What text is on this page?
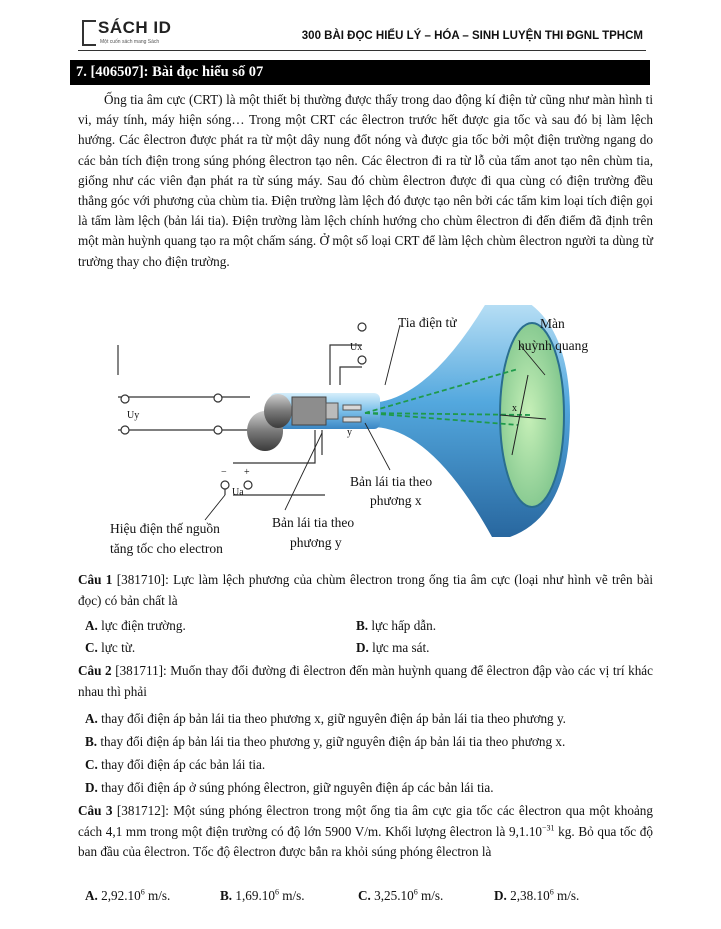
SÁCH ID
Một cuốn sách mang Sách	300 BÀI ĐỌC HIỂU LÝ – HÓA – SINH LUYỆN THI ĐGNL TPHCM
7. [406507]: Bài đọc hiểu số 07

Ống tia âm cực (CRT) là một thiết bị thường được thấy trong dao động kí điện tử cũng như màn hình ti vi, máy tính, máy hiện sóng… Trong một CRT các êlectron trước hết được gia tốc và sau đó bị làm lệch hướng. Các êlectron được phát ra từ một dây nung đốt nóng và được gia tốc bởi một điện trường ngang do các bản tích điện trong súng phóng êlectron tạo nên. Các êlectron đi ra từ lỗ của tấm anot tạo nên chùm tia, giống như các viên đạn phát ra từ súng máy. Sau đó chùm êlectron được đi qua cùng có điện trường đều thẳng góc với phương của chùm tia. Điện trường làm lệch đó được tạo nên bởi các tấm kim loại tích điện gọi là tấm làm lệch (bản lái tia). Điện trường làm lệch chính hướng cho chùm êlectron đi đến điểm đã định trên một màn huỳnh quang tạo ra một chấm sáng. Ở một số loại CRT để làm lệch chùm êlectron người ta dùng từ trường thay cho điện trường.

Tia điện tử	Màn
huỳnh quang
Ux
Uy
Ua
− +
x
y
Bản lái tia theo
phương x
Bản lái tia theo
phương y
Hiệu điện thế nguồn
tăng tốc cho electron

Câu 1 [381710]: Lực làm lệch phương của chùm êlectron trong ống tia âm cực (loại như hình vẽ trên bài đọc) có bản chất là

A. lực điện trường.	B. lực hấp dẫn.
C. lực từ.	D. lực ma sát.

Câu 2 [381711]: Muốn thay đổi đường đi êlectron đến màn huỳnh quang để êlectron đập vào các vị trí khác nhau thì phải

A. thay đổi điện áp bản lái tia theo phương x, giữ nguyên điện áp bản lái tia theo phương y.
B. thay đổi điện áp bản lái tia theo phương y, giữ nguyên điện áp bản lái tia theo phương x.
C. thay đổi điện áp các bản lái tia.
D. thay đổi điện áp ở súng phóng êlectron, giữ nguyên điện áp các bản lái tia.

Câu 3 [381712]: Một súng phóng êlectron trong một ống tia âm cực gia tốc các êlectron qua một khoảng cách 4,1 mm trong một điện trường có độ lớn 5900 V/m. Khối lượng êlectron là $9,1.10^{-31}$ kg. Bỏ qua tốc độ ban đầu của êlectron. Tốc độ êlectron được bắn ra khỏi súng phóng êlectron là

A. 2,92.10$^6$ m/s.	B. 1,69.10$^6$ m/s.	C. 3,25.10$^6$ m/s.	D. 2,38.10$^6$ m/s.
